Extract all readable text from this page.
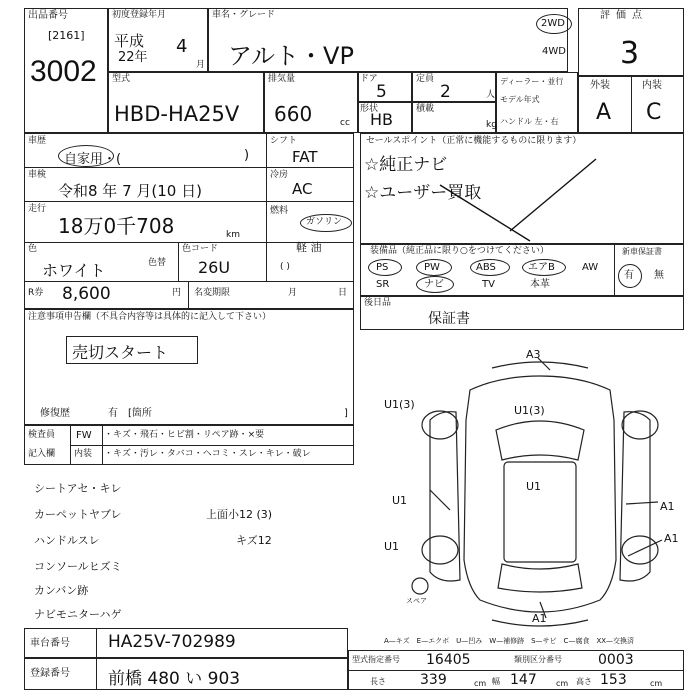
出品番号
[2161]
3002
初度登録年月
平成
22年
4
月
車名・グレード
アルト・VP
2WD
4WD
評価点
3
型式
HBD-HA25V
排気量
660	cc
ドア
5
定員
2	人
形状
HB
積載
kg
ディーラー・並行
モデル年式
ハンドル 左・右
外装	内装
A C
車歴
自家用・(	)
シフト
FAT
車検
令和8 年 7 月(10 日)
冷房
AC
走行
18万0千708	km
燃料
ガソリン
軽 油
( )
色
ホワイト	色替
色コード
26U
R券 8,600	円 名変期限	月	日
セールスポイント（正常に機能するものに限ります）
☆純正ナビ
☆ユーザー買取
装備品（純正品に限り○をつけてください）	新車保証書
PS	PW	ABS	エアB	AW
SR	ナビ	TV	本革
有 無
後日品
保証書
注意事項申告欄（不具合内容等は具体的に記入して下さい）
売切スタート
修復歴	有 [箇所	]
検査員
記入欄
FW ・キズ・飛石・ヒビ割・リペア跡・×要
内装 ・キズ・汚レ・タバコ・ヘコミ・スレ・キレ・破レ
シートアセ・キレ
カーペットヤブレ	上面小12 (3)
ハンドルスレ	キズ12
コンソールヒズミ
カンバン跡
ナビモニターハゲ
A3
U1(3)	U1(3)
U1
U1	A1
U1
A1
A1
スペア
A—キズ　E—エクボ　U—凹み　W—補修跡　S—サビ　C—腐食　XX—交換済
車台番号 HA25V-702989
登録番号 前橋 480 い 903
型式指定番号 16405	類別区分番号	0003
長さ 339	cm 幅 147 cm 高さ 153	cm
